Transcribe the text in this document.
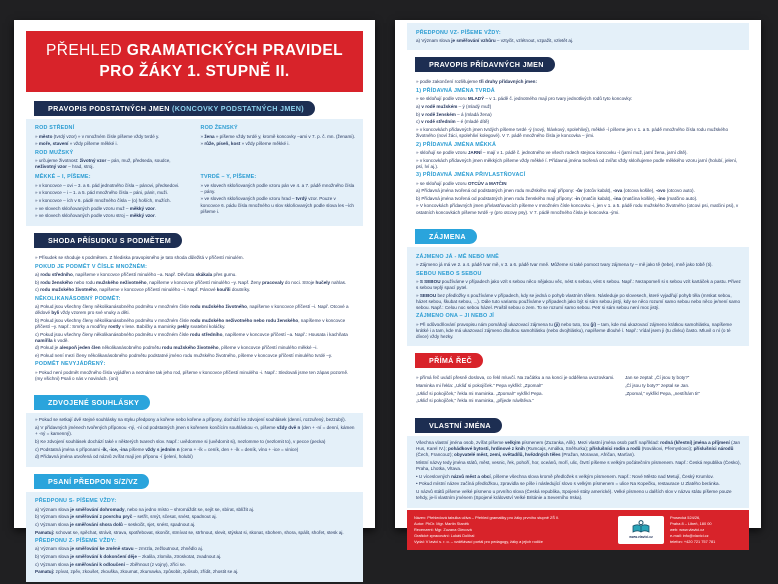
PŘEHLED GRAMATICKÝCH PRAVIDEL
PRO ŽÁKY 1. STUPNĚ II.
PRAVOPIS PODSTATNÝCH JMEN (KONCOVKY PODSTATNÝCH JMEN)

ROD STŘEDNÍ

» město (tvrdý vzor) » v množném čísle píšeme vždy tvrdé y.

» moře, stavení » vždy píšeme měkké i.

ROD MUŽSKÝ

» určujeme životnost: životný vzor – pán, muž, předseda, soudce, neživotný vzor – hrad, stroj.

ROD ŽENSKÝ

» žena » píšeme vždy tvrdé y, kromě koncovky –ami v 7. p. č. mn. (ženami).

» růže, píseň, kost » vždy píšeme měkké i.

MĚKKÉ – I, PÍŠEME:

» v koncovce – ovi – 3. a 6. pád jednotného čísla – pánovi, předsedovi.

» v koncovce – i – 1. a 5. pád množného čísla – páni, páni!, muži.

» v koncovce – ích v 6. pádě množného čísla – (o) hoších, mužích.

» ve slovech skloňovaných podle vzoru muž – měkký vzor.

» ve slovech skloňovaných podle vzoru stroj – měkký vzor.

TVRDÉ – Y, PÍŠEME:

» ve slovech skloňovaných podle vzoru pán ve 4. a 7. pádě množného čísla – pány.

» ve slovech skloňovaných podle vzoru hrad – tvrdý vzor. Pouze v koncovce 6. pádu čísla množného u slov skloňovaných podle slova les –ích píšeme i.

SHODA PŘÍSUDKU S PODMĚTEM

» Přísudek se shoduje s podmětem. Z hlediska pravopisného je tato shoda důležitá v příčestí minulém.

POKUD JE PODMĚT V ČÍSLE MNOŽNÉM:

a) rodu středního, napíšeme v koncovce příčestí minulého –a. Např. Děvčata skákala přes gumu.

b) rodu ženského nebo rodu mužského neživotného, napíšeme v koncovce příčestí minulého –y. Např. Ženy pracovaly do noci. Stroje hučely nahlas.

c) rodu mužského životného, napíšeme v koncovce příčestí minulého –i. Např. Pánové kouřili doutníky.

NĚKOLIKANÁSOBNÝ PODMĚT:

a) Pokud jsou všechny členy několikanásobného podmětu v množném čísle rodu mužského životného, napíšeme v koncovce příčestí –i. Např. Otcové a dědové byli vždy vzorem pro své vnuky a děti.

b) Pokud jsou všechny členy několikanásobného podmětu v množném čísle rodu mužského neživotného nebo rodu ženského, napíšeme v koncovce příčestí –y. Např.: Smrky a modříny rostly v lese. Babičky a maminky pekly svatební koláčky.

c) Pokud jsou všechny členy několikanásobného podmětu v množném čísle rodu středního, napíšeme v koncovce příčestí –a. Např.: Housata i kachňata namířila k vodě.

d) Pokud je alespoň jeden člen několikanásobného podmětu rodu mužského životného, píšeme v koncovce příčestí minulého měkké –i.

e) Pokud není mezi členy několikanásobného podmětu podstatné jméno rodu mužského životného, píšeme v koncovce příčestí minulého tvrdé –y.

PODMĚT NEVYJÁDŘENÝ:

» Pokud není podmět množného čísla vyjádřen a neznáme tak jeho rod, píšeme v koncovce příčestí minulého -i. Např.: Sledovali jsme ten zápas pozorně. (my všichni) Psali o nás v novinách. (oni)

ZDVOJENÉ SOUHLÁSKY

» Pokud se setkají dvě stejné souhlásky na styku předpony a kořene nebo kořene a přípony, dochází ke zdvojení souhlásek (denní, rozzuřený, bezzubý).

a) V přídavných jménech tvořených příponou -ný, -ní od podstatných jmen s kořenem končícím souhláskou -n, píšeme vždy dvě n (den + -ní = denní, kámen + -ný = kamenný).

b) Ke zdvojení souhlásek dochází také v některých tvarech slov. Např.: uvědomme si (uvědomit si), nezlomme to (nezlomit to), v pecce (pecka)

c) Podstatná jména s příponami -ík, -ice, -ina píšeme vždy s jedním n (cena + -ík = ceník, den + -ík = deník, víno + -ice = vinice)

d) Přídavná jména utvořená od názvů zvířat mají jen příponu -í (jelení, holubí)

PSANÍ PŘEDPON S/Z/VZ

PŘEDPONU S- PÍŠEME VŽDY:

a) Význam slova je směřování dohromady, nebo na jedno místo – shromáždit se, sejít se, sbírat, sblížit aj.

b) Význam slova je směřování z povrchu pryč – setřít, smýt, sčesat, snést, spadnout aj.

c) Význam slova je směřování shora dolů – seskočit, sjet, snést, spadnout aj.

Pamatuj: schovat se, spěchat, strávit, strava, spotřebovat, skončit, stmívat se, strhnout, slevit, stýskat si, skonat, sbohem, shora, spálit, shořet, stesk aj.

PŘEDPONU Z- PÍŠEME VŽDY:

a) Význam slova je směřování ke změně stavu – zmrzla, zežloutnout, zhnědlo aj.

b) Význam slova je směřování k dokončení děje – zkalila, zlomila, ztroskotat, zvadnout aj.

c) Význam slova je směřování k odloučení – zběhnout (z vojny), zříci se.

Pamatuj: zpívat, zpěv, zkoušet, zkouška, zkoumat, zkumavka, způsobit, způsob, zřídit, zhostit se aj.

PŘEDPONU VZ- PÍŠEME VŽDY:

a) Význam slova je směřování vzhůru – vztyčit, vzlétnout, vzpažit, vzletět aj.

PRAVOPIS PŘÍDAVNÝCH JMEN

» podle zakončení rozlišujeme tři druhy přídavných jmen:

1) PŘÍDAVNÁ JMÉNA TVRDÁ

» se skloňují podle vzoru MLADÝ – v 1. pádě č. jednotného mají pro tvary jednotlivých rodů tyto koncovky:

a) v rodě mužském – ý (mladý muž)

b) v rodě ženském – á (mladá žena)

c) v rodě středním – é (mladé dítě)

» v koncovkách přídavných jmen tvrdých píšeme tvrdé -ý (nový, hlávkový, spolehlivý), měkké -í píšeme jen v 1. a 5. pádě množného čísla rodu mužského životného (noví žáci, spolehliví kolegové). V 7. pádě množného čísla je koncovka – ými.

2) PŘÍDAVNÁ JMÉNA MĚKKÁ

» skloňují se podle vzoru JARNÍ – mají v 1. pádě č. jednotného ve všech rodech stejnou koncovku -í (jarní muž, jarní žena, jarní dítě).

» v koncovkách přídavných jmen měkkých píšeme vždy měkké í. Přídavná jména tvořená od zvířat vždy skloňujeme podle měkkého vzoru jarní (holubí, jelení, psí, lví aj.).

3) PŘÍDAVNÁ JMÉNA PŘIVLASTŇOVACÍ

» se skloňují podle vzoru OTCŮV a MATČIN

a) Přídavná jména tvořená od podstatných jmen rodu mužského mají přípony: -ův (otcův kabát), -ova (otcova košile), -ovo (otcovo auto).

b) Přídavná jména tvořená od podstatných jmen rodu ženského mají přípony: -in (matčin kabát), -ina (matčina košile), -ino (matčino auto).

» V koncovkách přídavných jmen přivlastňovacích píšeme v množném čísle koncovku -i, jen v 1. a 5. pádě rodu mužského životného (otcovi psi, matčini psi), v ostatních koncovkách píšeme tvrdě -y (pro otcovy psy). V 7. pádě množného čísla je koncovka -ými.

ZÁJMENA

ZÁJMENO JÁ - MĚ NEBO MNĚ

» Zájmeno já má ve 2. a 4. pádě tvar mě, v 3. a 6. pádě tvar mně. Můžeme si také pomoct tvary zájmena ty – mě jako tě (tebe), mně jako tobě (ti).

SEBOU NEBO S SEBOU

» S SEBOU používáme v případech jako vzít s sebou něco nějakou věc, nést s sebou, vést s sebou. Např.: Nezapomeň si s sebou vzít kartáček a pastu. Přivez s sebou teplý spací pytel.

» SEBOU bez předložky s používáme v případech, kdy se jedná o pohyb vlastním tělem. Následuje po slovesech, které vyjadřují pohyb těla (mrskat sebou, házet sebou, škubat sebou, ...). Dále tuto variantu používáme v případech jako být si sám sebou jistý, kdy se něco rozumí samo sebou nebo něco je/není samo sebou. Např.: Celou noc sebou házel. Praštil sebou o zem. To se rozumí samo sebou. Petr si sám sebou není moc jistý.

ZÁJMENO ONA – JI NEBO JÍ

» Při odůvodňování pravopisu nám pomáhají ukazovací zájmena tu (ji) nebo tuto, tou (jí) – tam, kde má ukazovací zájmeno krátkou samohlásku, napíšeme krátké i a tam, kde má ukazovací zájmeno dlouhou samohlásku (nebo dvojhlásku), napíšeme dlouhé í. Např.: Vídal jsem ji (tu dívku) často. Mluvil o ní (o té dívce) vždy hezky.

PŘÍMÁ ŘEČ

» přímá řeč uvádí přesně doslova, co řekl mluvčí. Na začátku a na konci je oddělena uvozovkami.

Maminka mi řekla: „Ukliď si pokojíček.“ Pepa vykřikl: „Zpomal!“

„Ukliď si pokojíček,“ řekla mi maminka. „Zpomal!“ vykřikl Pepa.

„Ukliď si pokojíček,“ řekla mi maminka, „přijede návštěva.“

Jan se zeptal: „Čí jsou ty boty?“

„Čí jsou ty boty?“ zeptal se Jan.

„Zpomal,“ vykřikl Pepa, „nestíhám ti!“

VLASTNÍ JMÉNA

Všechna vlastní jména osob, zvířat píšeme velkým písmenem (Zuzanka, Alík). Mezi vlastní jména osob patří například: rodná (křestní) jména a příjmení (Jan Hus, Karel IV.); pohádkové bytosti, hrdinové z knih (Rumcajs, Amálka, Sněhurka); příslušníci rodin a rodů (Novákovi, Přemyslovci); příslušníci národů (Čech, Francouz); obyvatelé měst, zemí, světadílů, hvězdných těles (Pražan, Moravan, Afričan, Marťan).

Místní názvy tedy jména států, měst, vesnic, řek, pohoří, hor, oceánů, moří, ulic, čtvrtí píšeme s velkým počátečním písmenem. Např.: Česká republika (Česko), Praha, Lhotka, Vltava.

• U víceslovných názvů měst a obcí, píšeme všechna slova kromě předložek s velkým písmenem. Např.: Nové Město nad Metují, Český Krumlov.

• Pokud místní název začíná předložkou, zpravidla se píše i následující slovo s velkým písmenem = ulice Na Kopečku, restaurace U Zlatého beránka.

U názvů států píšeme velké písmeno u prvního slova (Česká republika, Spojené státy americké). Velké písmeno u dalších slov v názvu státu píšeme pouze tehdy, je-li vlastním jménem (Spojené království Velké Británie a Severního Irska).

Název: Přehledová tabulka učiva – Přehled gramatiky pro žáky prvního stupně ZŠ II.
Autor: PhDr. Mgr. Martin Staněk
Recenzent: Mgr. Zuzana Glecová
Grafické zpracování: Lukáš Dolíhal
Vydal: V lavici s. r. o. – vzdělávací portál pro pedagogy, žáky a jejich rodiče
www.vlavici.cz
Prosecká 524/26,
Praha 8 – Libeň, 180 00
web: www.vlavici.cz
e-mail: info@vlavici.cz
telefon: +420 721 757 781
